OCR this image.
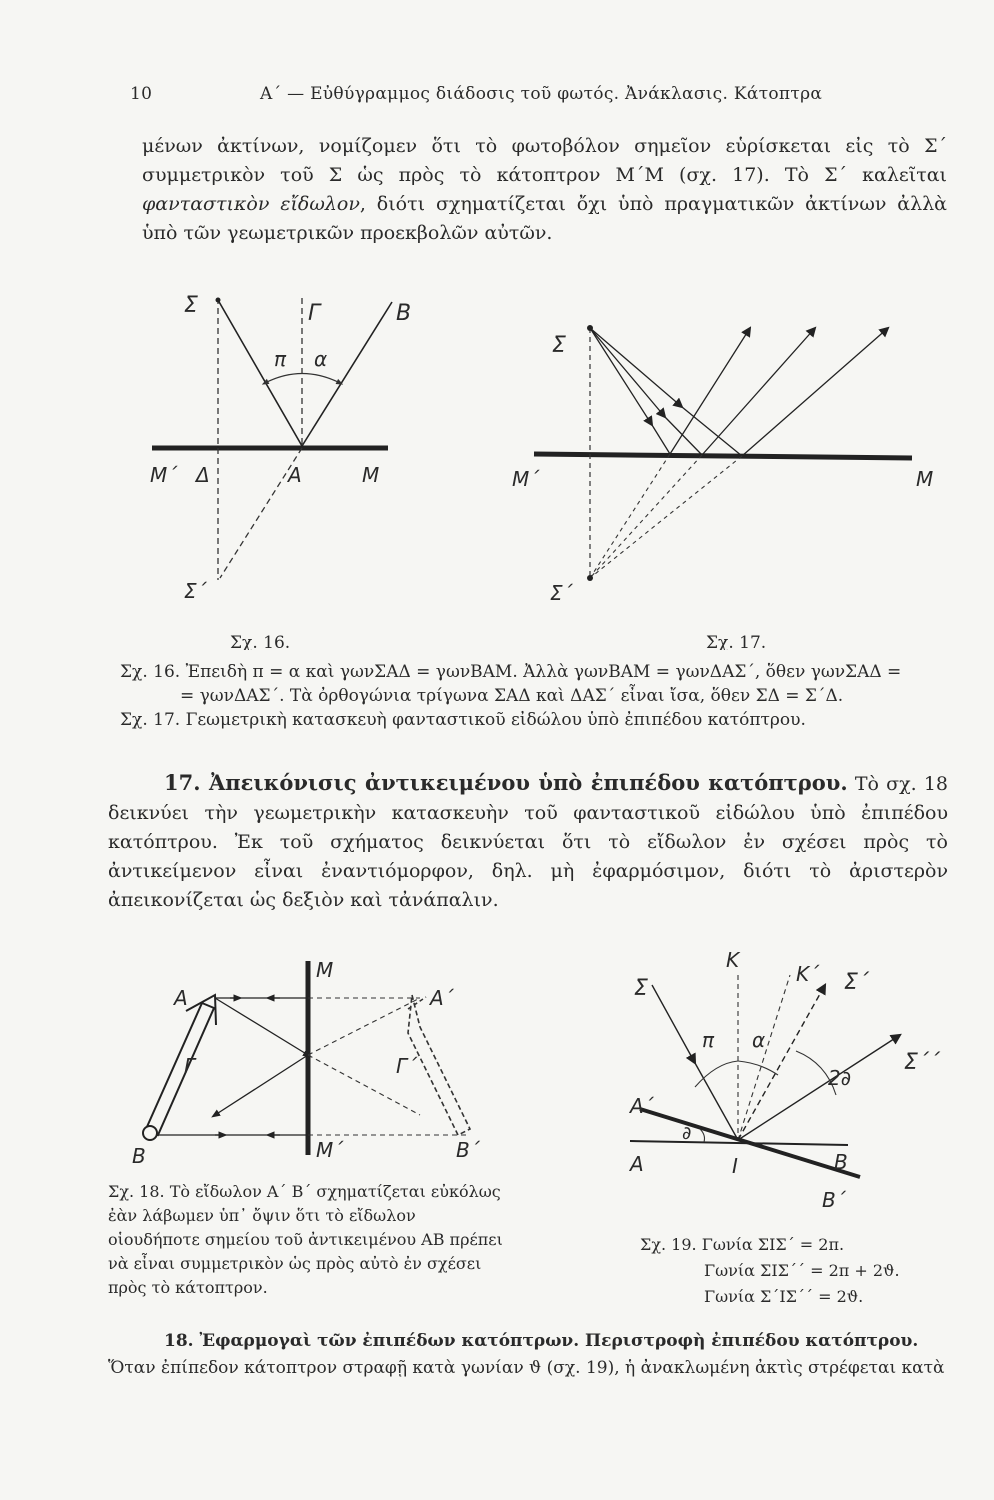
10	Α΄ — Εὐθύγραμμος διάδοσις τοῦ φωτός. Ἀνάκλασις. Κάτοπτρα
μένων ἀκτίνων, νομίζομεν ὅτι τὸ φωτοβόλον σημεῖον εὑρίσκεται εἰς τὸ Σ΄ συμμετρικὸν τοῦ Σ ὡς πρὸς τὸ κάτοπτρον Μ΄Μ (σχ. 17). Τὸ Σ΄ καλεῖται φανταστικὸν εἴδωλον, διότι σχηματίζεται ὄχι ὑπὸ πραγματικῶν ἀκτίνων ἀλλὰ ὑπὸ τῶν γεωμετρικῶν προεκβολῶν αὐτῶν.
Σ	Γ	B
π α
M΄ Δ	A	M
Σ΄
Σχ. 16.
Σ
M΄	M
Σ΄
Σχ. 17.
Σχ. 16. Ἐπειδὴ π = α καὶ γωνΣΑΔ = γωνΒΑΜ. Ἀλλὰ γωνΒΑΜ = γωνΔΑΣ΄, ὅθεν γωνΣΑΔ =
= γωνΔΑΣ΄. Τὰ ὀρθογώνια τρίγωνα ΣΑΔ καὶ ΔΑΣ΄ εἶναι ἴσα, ὅθεν ΣΔ = Σ΄Δ.
Σχ. 17. Γεωμετρικὴ κατασκευὴ φανταστικοῦ εἰδώλου ὑπὸ ἐπιπέδου κατόπτρου.
17. Ἀπεικόνισις ἀντικειμένου ὑπὸ ἐπιπέδου κατόπτρου. Τὸ σχ. 18 δεικνύει τὴν γεωμετρικὴν κατασκευὴν τοῦ φανταστικοῦ εἰδώλου ὑπὸ ἐπιπέδου κατόπτρου. Ἐκ τοῦ σχήματος δεικνύεται ὅτι τὸ εἴδωλον ἐν σχέσει πρὸς τὸ ἀντικείμενον εἶναι ἐναντιόμορφον, δηλ. μὴ ἐφαρμόσιμον, διότι τὸ ἀριστερὸν ἀπεικονίζεται ὡς δεξιὸν καὶ τἀνάπαλιν.
M
A	A΄
Γ	Γ΄
B	B΄
M΄
Σχ. 18. Τὸ εἴδωλον Α΄ Β΄ σχηματίζεται εὐκόλως ἐὰν λάβωμεν ὑπ᾽ ὄψιν ὅτι τὸ εἴδωλον οἱουδήποτε σημείου τοῦ ἀντικειμένου ΑΒ πρέπει νὰ εἶναι συμμετρικὸν ὡς πρὸς αὐτὸ ἐν σχέσει πρὸς τὸ κάτοπτρον.
Σ
K
K΄ Σ΄
Σ΄΄
π α
2∂
∂
A΄
A	I	B
B΄
Σχ. 19. Γωνία ΣΙΣ΄ = 2π.
Γωνία ΣΙΣ΄΄ = 2π + 2ϑ.
Γωνία Σ΄ΙΣ΄΄ = 2ϑ.
18. Ἐφαρμογαὶ τῶν ἐπιπέδων κατόπτρων. Περιστροφὴ ἐπιπέδου κατόπτρου. Ὅταν ἐπίπεδον κάτοπτρον στραφῇ κατὰ γωνίαν ϑ (σχ. 19), ἡ ἀνακλωμένη ἀκτὶς στρέφεται κατὰ
